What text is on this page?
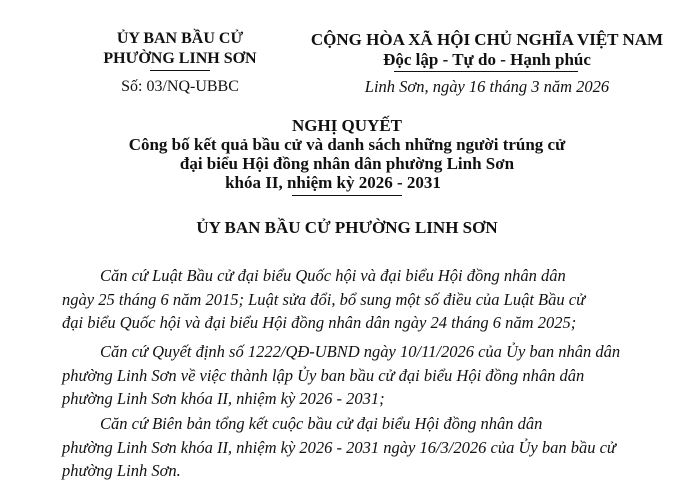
ỦY BAN BẦU CỬ
PHƯỜNG LINH SƠN
Số: 03/NQ-UBBC
CỘNG HÒA XÃ HỘI CHỦ NGHĨA VIỆT NAM
Độc lập - Tự do - Hạnh phúc
Linh Sơn, ngày 16 tháng 3 năm 2026
NGHỊ QUYẾT
Công bố kết quả bầu cử và danh sách những người trúng cử
đại biểu Hội đồng nhân dân phường Linh Sơn
khóa II, nhiệm kỳ 2026 - 2031
ỦY BAN BẦU CỬ PHƯỜNG LINH SƠN
Căn cứ Luật Bầu cử đại biểu Quốc hội và đại biểu Hội đồng nhân dân
ngày 25 tháng 6 năm 2015; Luật sửa đổi, bổ sung một số điều của Luật Bầu cử
đại biểu Quốc hội và đại biểu Hội đồng nhân dân ngày 24 tháng 6 năm 2025;
Căn cứ Quyết định số 1222/QĐ-UBND ngày 10/11/2026 của Ủy ban nhân dân
phường Linh Sơn về việc thành lập Ủy ban bầu cử đại biểu Hội đồng nhân dân
phường Linh Sơn khóa II, nhiệm kỳ 2026 - 2031;
Căn cứ Biên bản tổng kết cuộc bầu cử đại biểu Hội đồng nhân dân
phường Linh Sơn khóa II, nhiệm kỳ 2026 - 2031 ngày 16/3/2026 của Ủy ban bầu cử
phường Linh Sơn.
